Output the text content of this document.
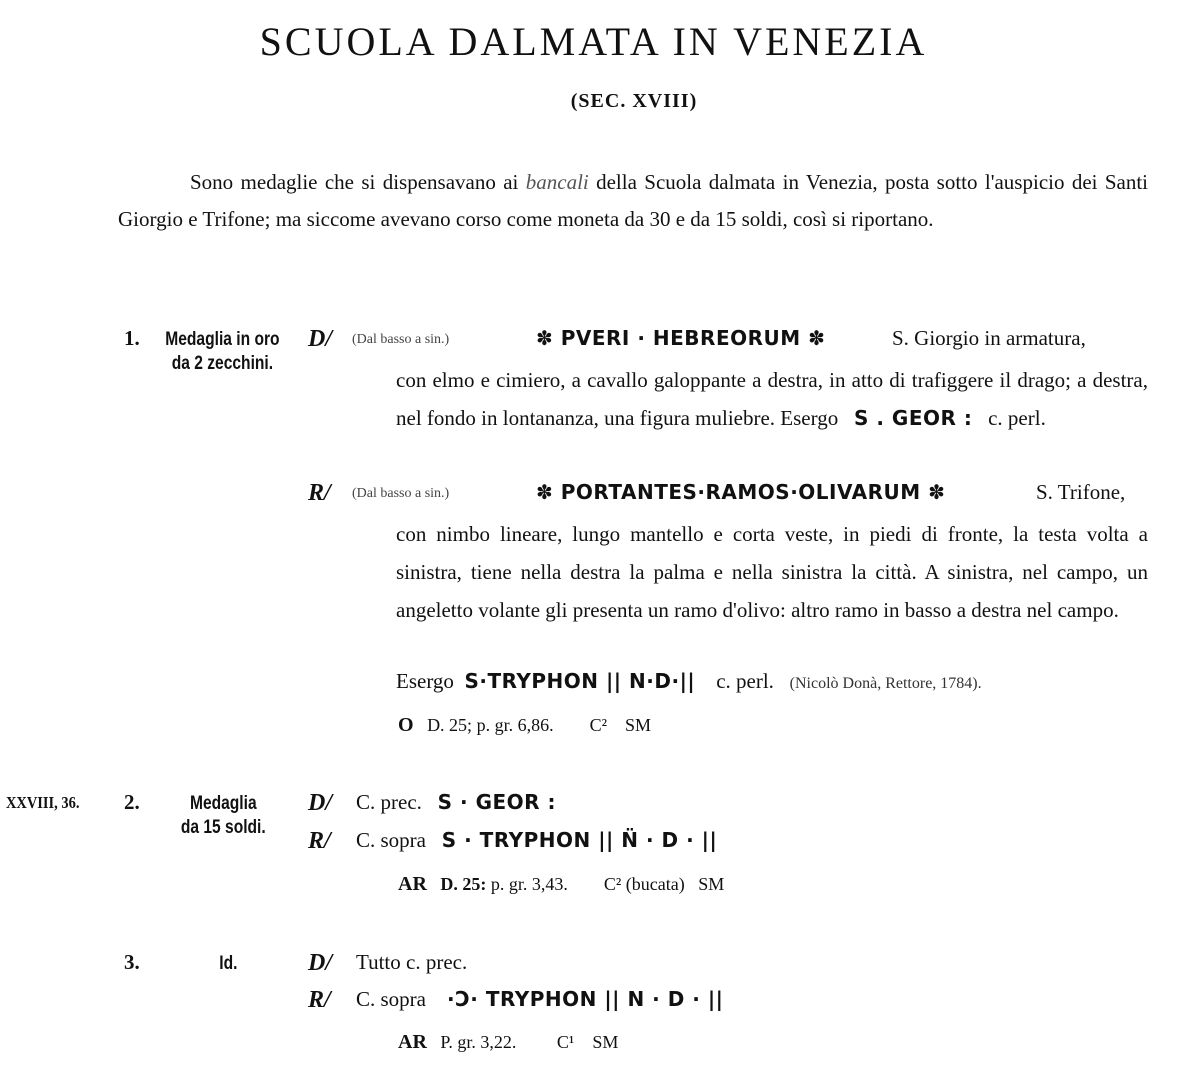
SCUOLA DALMATA IN VENEZIA
(SEC. XVIII)

Sono medaglie che si dispensavano ai bancali della Scuola dalmata in Venezia, posta sotto l'auspicio dei Santi Giorgio e Trifone; ma siccome avevano corso come moneta da 30 e da 15 soldi, così si riportano.

1.	Medaglia in oro
da 2 zecchini.
D/ (Dal basso a sin.)	✽ PVERI · HEBREORUM ✽	S. Giorgio in armatura,

con elmo e cimiero, a cavallo galoppante a destra, in atto di trafiggere il drago; a destra, nel fondo in lontananza, una figura muliebre. Esergo S . GEOR : c. perl.

R/ (Dal basso a sin.)	✽ PORTANTES·RAMOS·OLIVARUM ✽	S. Trifone,

con nimbo lineare, lungo mantello e corta veste, in piedi di fronte, la testa volta a sinistra, tiene nella destra la palma e nella sinistra la città. A sinistra, nel campo, un angeletto volante gli presenta un ramo d'olivo: altro ramo in basso a destra nel campo.

Esergo S·TRYPHON || N·D·|| c. perl. (Nicolò Donà, Rettore, 1784).
O D. 25; p. gr. 6,86. C² SM
XXVIII, 36. 2.	Medaglia
da 15 soldi.
D/ C. prec. S · GEOR :
R/ C. sopra S · TRYPHON || N̈ · D · ||
AR D. 25: p. gr. 3,43. C² (bucata) SM
3.	Id.	D/ Tutto c. prec.
R/ C. sopra ·Ɔ· TRYPHON || N · D · ||
AR P. gr. 3,22. C¹ SM
